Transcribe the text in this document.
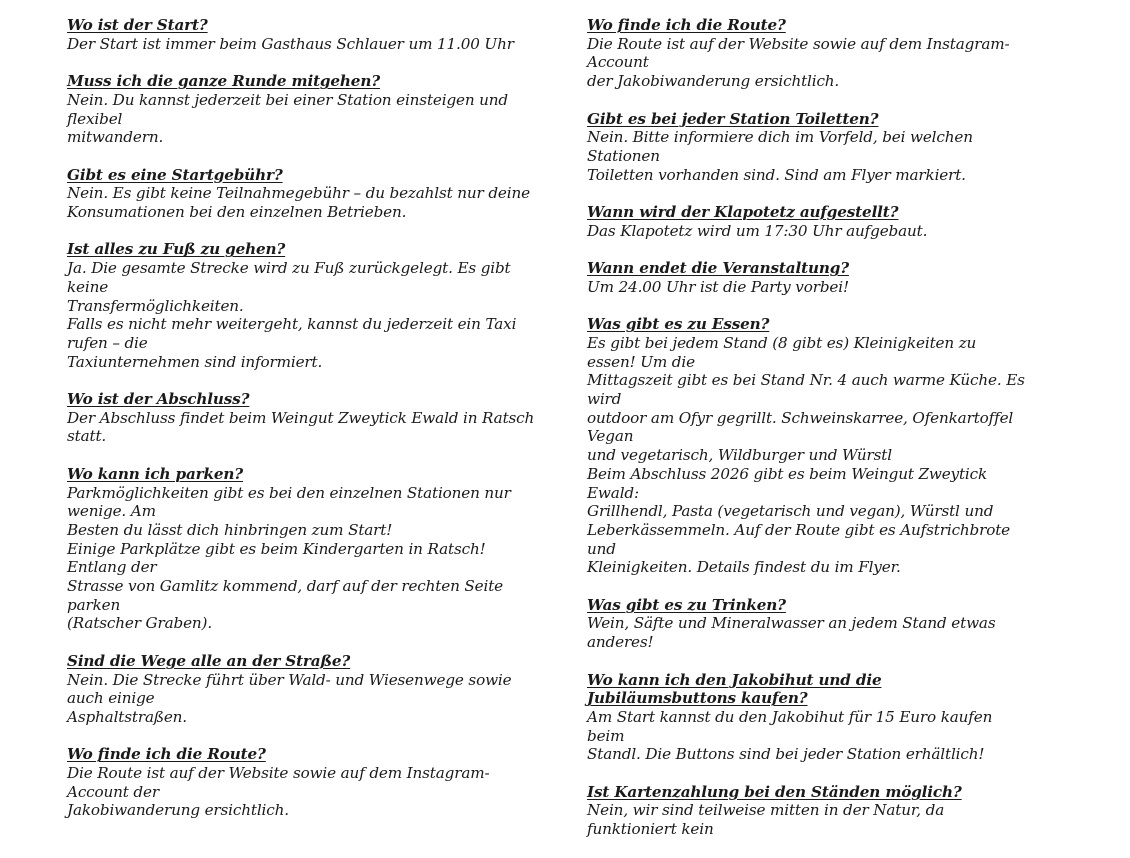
Wo ist der Start?
Der Start ist immer beim Gasthaus Schlauer um 11.00 Uhr
Muss ich die ganze Runde mitgehen?
Nein. Du kannst jederzeit bei einer Station einsteigen und flexibel
mitwandern.
Gibt es eine Startgebühr?
Nein. Es gibt keine Teilnahmegebühr – du bezahlst nur deine
Konsumationen bei den einzelnen Betrieben.
Ist alles zu Fuß zu gehen?
Ja. Die gesamte Strecke wird zu Fuß zurückgelegt. Es gibt keine
Transfermöglichkeiten.
Falls es nicht mehr weitergeht, kannst du jederzeit ein Taxi rufen – die
Taxiunternehmen sind informiert.
Wo ist der Abschluss?
Der Abschluss findet beim Weingut Zweytick Ewald in Ratsch statt.
Wo kann ich parken?
Parkmöglichkeiten gibt es bei den einzelnen Stationen nur wenige. Am
Besten du lässt dich hinbringen zum Start!
Einige Parkplätze gibt es beim Kindergarten in Ratsch! Entlang der
Strasse von Gamlitz kommend, darf auf der rechten Seite parken
(Ratscher Graben).
Sind die Wege alle an der Straße?
Nein. Die Strecke führt über Wald- und Wiesenwege sowie auch einige
Asphaltstraßen.
Wo finde ich die Route?
Die Route ist auf der Website sowie auf dem Instagram-Account der
Jakobiwanderung ersichtlich.
Wo finde ich die Route?
Die Route ist auf der Website sowie auf dem Instagram-Account
der Jakobiwanderung ersichtlich.
Gibt es bei jeder Station Toiletten?
Nein. Bitte informiere dich im Vorfeld, bei welchen Stationen
Toiletten vorhanden sind. Sind am Flyer markiert.
Wann wird der Klapotetz aufgestellt?
Das Klapotetz wird um 17:30 Uhr aufgebaut.
Wann endet die Veranstaltung?
Um 24.00 Uhr ist die Party vorbei!
Was gibt es zu Essen?
Es gibt bei jedem Stand (8 gibt es) Kleinigkeiten zu essen! Um die
Mittagszeit gibt es bei Stand Nr. 4 auch warme Küche. Es wird
outdoor am Ofyr gegrillt. Schweinskarree, Ofenkartoffel Vegan
und vegetarisch, Wildburger und Würstl
Beim Abschluss 2026 gibt es beim Weingut Zweytick Ewald:
Grillhendl, Pasta (vegetarisch und vegan), Würstl und
Leberkässemmeln. Auf der Route gibt es Aufstrichbrote und
Kleinigkeiten. Details findest du im Flyer.
Was gibt es zu Trinken?
Wein, Säfte und Mineralwasser an jedem Stand etwas anderes!
Wo kann ich den Jakobihut und die Jubiläumsbuttons kaufen?
Am Start kannst du den Jakobihut für 15 Euro kaufen beim
Standl. Die Buttons sind bei jeder Station erhältlich!
Ist Kartenzahlung bei den Ständen möglich?
Nein, wir sind teilweise mitten in der Natur, da funktioniert kein
